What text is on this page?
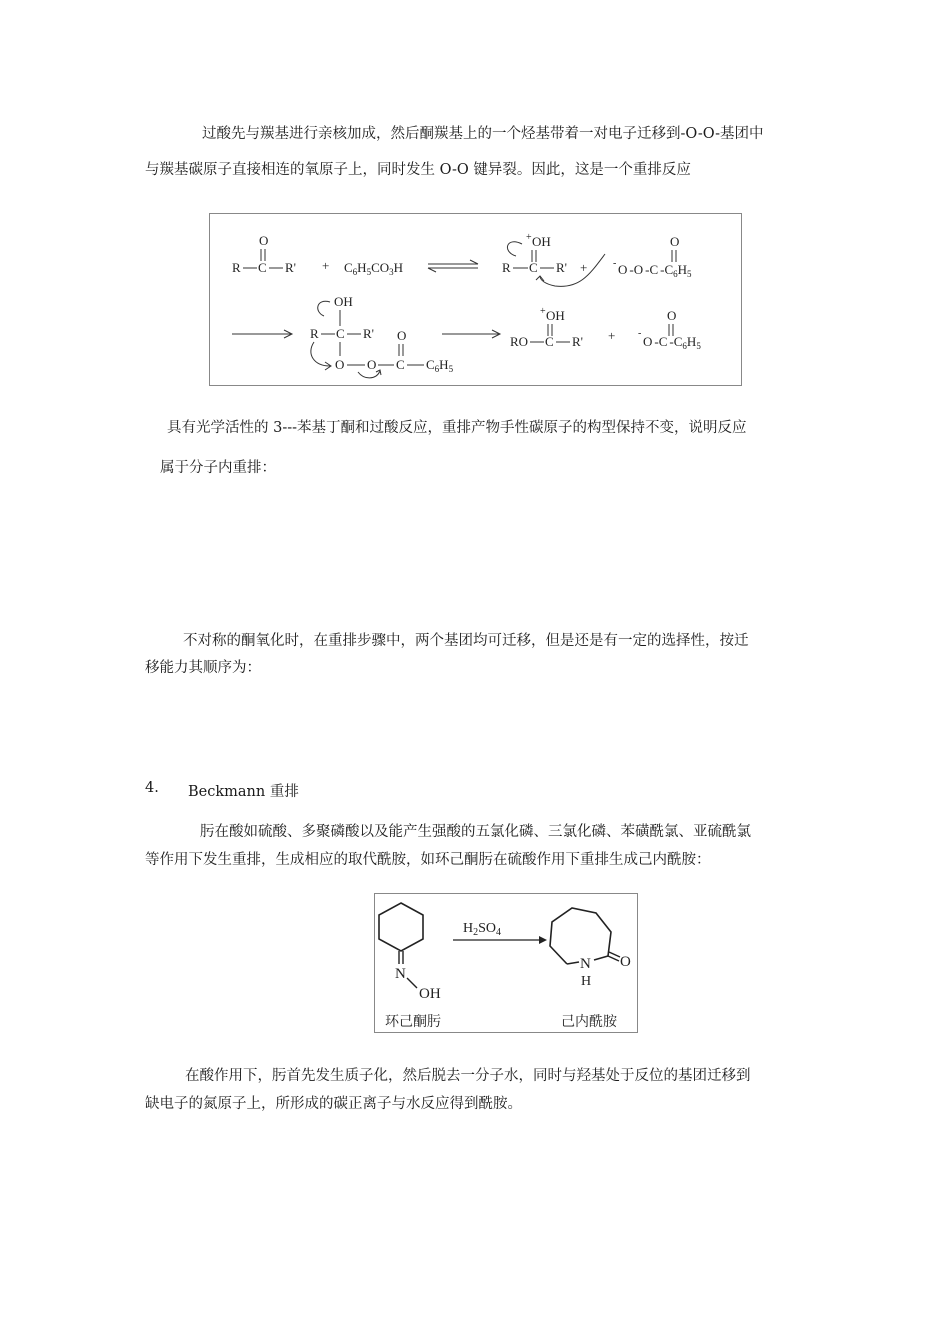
过酸先与羰基进行亲核加成，然后酮羰基上的一个烃基带着一对电子迁移到-O-O-基团中
与羰基碳原子直接相连的氧原子上，同时发生 O-O 键异裂。因此，这是一个重排反应
O
R C $R' + C_6H_5CO_3H$
+ OH
R C R' +	- O -O -C $-C_6H_5$
O
OH
R C R'
O O C
O
$C_6H_5$
+ OH
RO C R' + -
O -C $-C_6H_5$
O
具有光学活性的 3---苯基丁酮和过酸反应，重排产物手性碳原子的构型保持不变，说明反应
属于分子内重排：
不对称的酮氧化时，在重排步骤中，两个基团均可迁移，但是还是有一定的选择性，按迁
移能力其顺序为：
4. Beckmann 重排
肟在酸如硫酸、多聚磷酸以及能产生强酸的五氯化磷、三氯化磷、苯磺酰氯、亚硫酰氯
等作用下发生重排，生成相应的取代酰胺，如环己酮肟在硫酸作用下重排生成己内酰胺：
N
OH
$H_2SO_4$
N
H
O
环己酮肟	己内酰胺
在酸作用下，肟首先发生质子化，然后脱去一分子水，同时与羟基处于反位的基团迁移到
缺电子的氮原子上，所形成的碳正离子与水反应得到酰胺。
